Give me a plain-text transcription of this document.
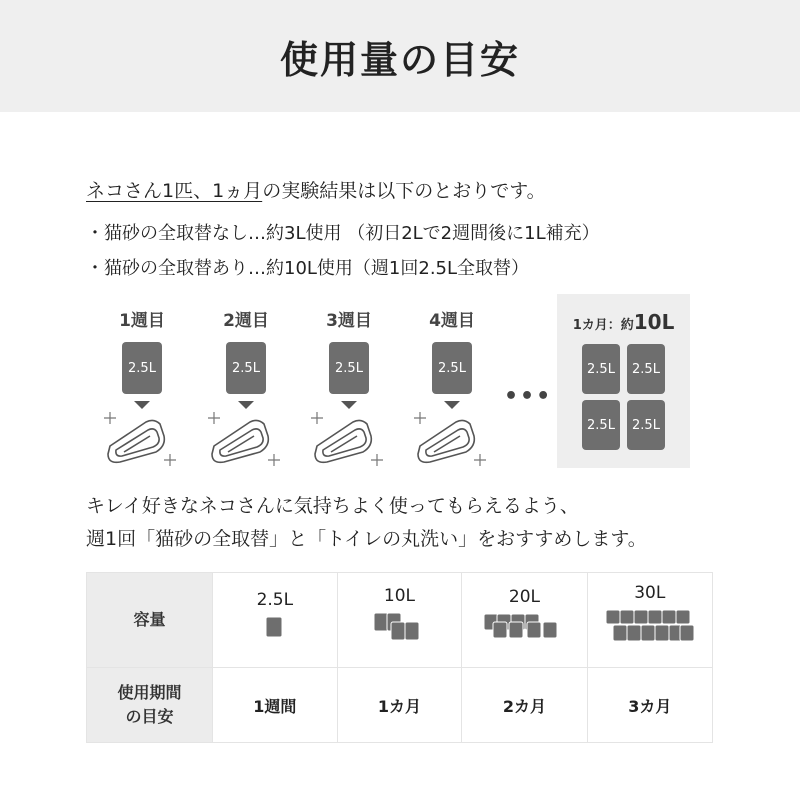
使用量の目安
ネコさん1匹、1ヵ月の実験結果は以下のとおりです。
・猫砂の全取替なし…約3L使用 （初日2Lで2週間後に1L補充）
・猫砂の全取替あり…約10L使用（週1回2.5L全取替）
1週目
2.5L
2週目
2.5L
3週目
2.5L
4週目
2.5L
•••
1カ月：約10L
2.5L	2.5L
2.5L	2.5L
キレイ好きなネコさんに気持ちよく使ってもらえるよう、
週1回「猫砂の全取替」と「トイレの丸洗い」をおすすめします。
容量	2.5L	10L	20L	30L

使用期間
の目安	1週間	1カ月	2カ月	3カ月
